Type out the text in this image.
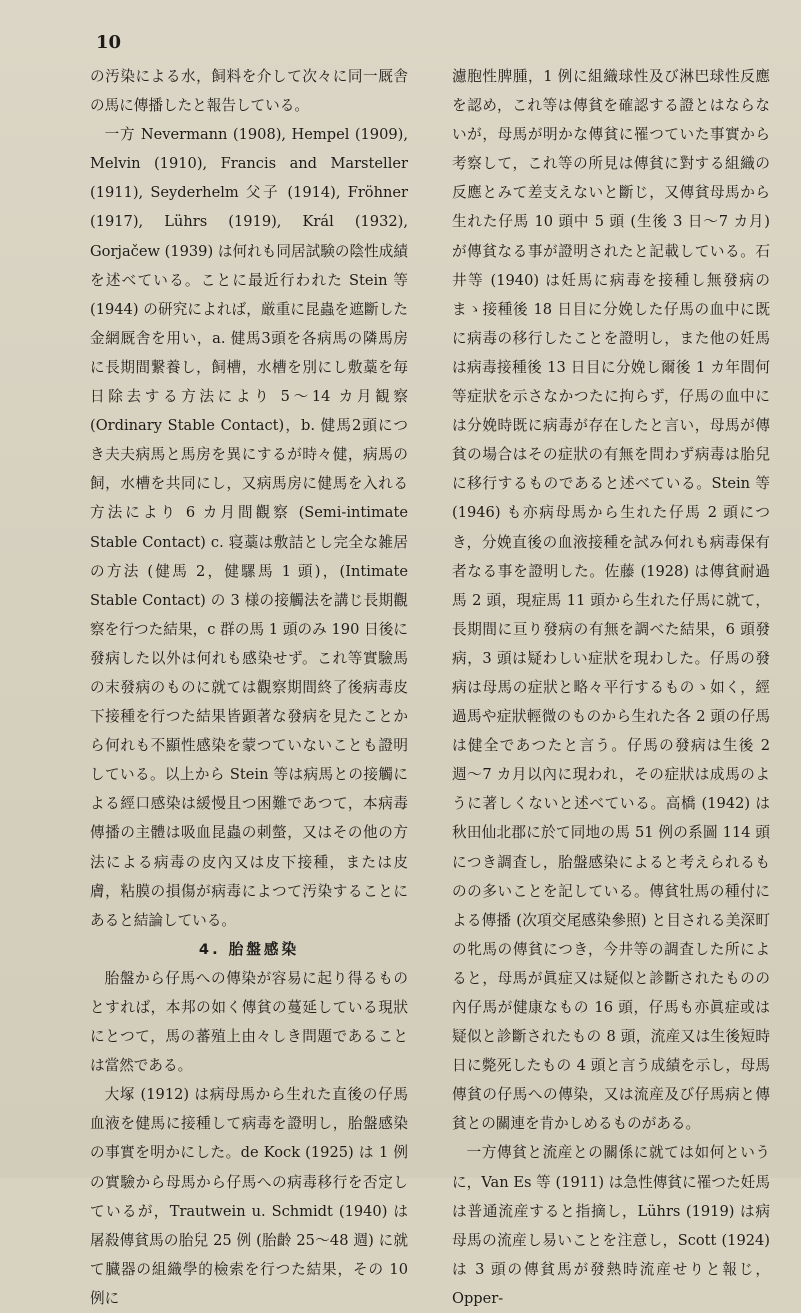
10

の汚染による水，飼料を介して次々に同一厩舎の馬に傳播したと報告している。

一方 Nevermann (1908), Hempel (1909), Melvin (1910), Francis and Marsteller (1911), Seyderhelm 父子 (1914), Fröhner (1917), Lührs (1919), Král (1932), Gorjačew (1939) は何れも同居試験の陰性成績を述べている。ことに最近行われた Stein 等 (1944) の研究によれば，厳重に昆蟲を遮斷した金網厩舎を用い，a. 健馬3頭を各病馬の隣馬房に長期間繋養し，飼槽，水槽を別にし敷藁を毎日除去する方法により 5〜14 カ月観察 (Ordinary Stable Contact)，b. 健馬2頭につき夫夫病馬と馬房を異にするが時々健，病馬の飼，水槽を共同にし，又病馬房に健馬を入れる方法により 6 カ月間觀察 (Semi-intimate Stable Contact) c. 寝藁は敷詰とし完全な雑居の方法 (健馬 2，健騾馬 1 頭)，(Intimate Stable Contact) の 3 様の接觸法を講じ長期觀察を行つた結果，c 群の馬 1 頭のみ 190 日後に發病した以外は何れも感染せず。これ等實驗馬の末發病のものに就ては觀察期間終了後病毒皮下接種を行つた結果皆顕著な發病を見たことから何れも不顯性感染を蒙つていないことも證明している。以上から Stein 等は病馬との接觸による經口感染は緩慢且つ困難であつて，本病毒傳播の主體は吸血昆蟲の刺螫，又はその他の方法による病毒の皮內又は皮下接種，または皮膚，粘膜の損傷が病毒によつて汚染することにあると結論している。

4. 胎盤感染

胎盤から仔馬への傳染が容易に起り得るものとすれば，本邦の如く傳貧の蔓延している現狀にとつて，馬の蕃殖上由々しき問題であることは當然である。

大塚 (1912) は病母馬から生れた直後の仔馬血液を健馬に接種して病毒を證明し，胎盤感染の事實を明かにした。de Kock (1925) は 1 例の實驗から母馬から仔馬への病毒移行を否定しているが，Trautwein u. Schmidt (1940) は屠殺傳貧馬の胎兒 25 例 (胎齡 25〜48 週) に就て臓器の組織學的檢索を行つた結果，その 10 例に

濾胞性脾腫，1 例に組織球性及び淋巴球性反應を認め，これ等は傳貧を確認する證とはならないが，母馬が明かな傳貧に罹つていた事實から考察して，これ等の所見は傳貧に對する組織の反應とみて差支えないと斷じ，又傳貧母馬から生れた仔馬 10 頭中 5 頭 (生後 3 日〜7 カ月) が傳貧なる事が證明されたと記載している。石井等 (1940) は妊馬に病毒を接種し無發病のまゝ接種後 18 日目に分娩した仔馬の血中に既に病毒の移行したことを證明し，また他の妊馬は病毒接種後 13 日目に分娩し爾後 1 カ年間何等症狀を示さなかつたに拘らず，仔馬の血中には分娩時既に病毒が存在したと言い，母馬が傳貧の場合はその症狀の有無を問わず病毒は胎兒に移行するものであると述べている。Stein 等 (1946) も亦病母馬から生れた仔馬 2 頭につき，分娩直後の血液接種を試み何れも病毒保有者なる事を證明した。佐藤 (1928) は傳貧耐過馬 2 頭，現症馬 11 頭から生れた仔馬に就て，長期間に亘り發病の有無を調べた結果，6 頭發病，3 頭は疑わしい症狀を現わした。仔馬の發病は母馬の症狀と略々平行するものゝ如く，經過馬や症狀輕微のものから生れた各 2 頭の仔馬は健全であつたと言う。仔馬の發病は生後 2 週〜7 カ月以內に現われ，その症狀は成馬のように著しくないと述べている。高橋 (1942) は秋田仙北郡に於て同地の馬 51 例の系圖 114 頭につき調査し，胎盤感染によると考えられるものの多いことを記している。傳貧牡馬の種付による傳播 (次項交尾感染參照) と目される美深町の牝馬の傳貧につき，今井等の調査した所によると，母馬が眞症又は疑似と診斷されたものの內仔馬が健康なもの 16 頭，仔馬も亦眞症或は疑似と診斷されたもの 8 頭，流産又は生後短時日に斃死したもの 4 頭と言う成績を示し，母馬傳貧の仔馬への傳染，又は流産及び仔馬病と傳貧との關連を肯かしめるものがある。

一方傳貧と流産との關係に就ては如何という に，Van Es 等 (1911) は急性傳貧に罹つた妊馬は普通流産すると指摘し，Lührs (1919) は病母馬の流産し易いことを注意し，Scott (1924) は 3 頭の傳貧馬が發熱時流産せりと報じ，Opper-
